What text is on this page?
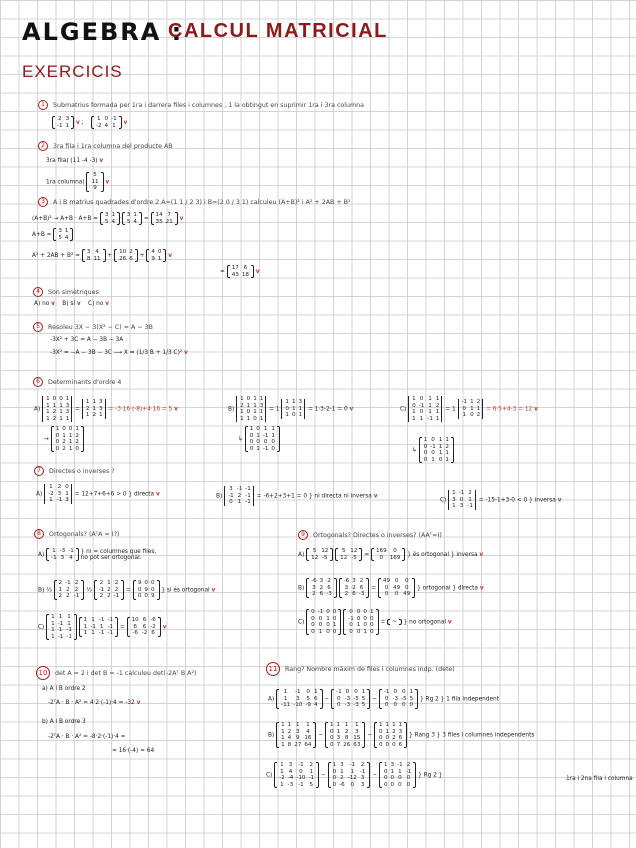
ALGEBRA :
CALCUL MATRICIAL
EXERCICIS
1 Submatrius formada per 1ra i darrera files i columnes , 1 la obtingut en suprimir 1ra i 3ra columna
2 3
-1 1 v ;
1 0 -1
-2 4 1 v
2 3ra fila i 1ra columna del producte AB
3ra fila) (11 -4 -3) v
1ra columna)
5
11
9
v
3 A i B matrius quadrades d'ordre 2 A=(1 1 / 2 3) i B=(2 0 / 3 1) calculeu (A+B)² i A² + 2AB + B²
(A+B)² → A+B · A+B =
3 1
5 4 ·
3 1
5 4 =
14 7
35 21 v
A+B =
3 1
5 4
A² + 2AB + B² =
3 4
8 11 +
10 2
26 6 +
4 0
9 1 v
=
17 6
43 18 v
4 Son simètriques
A) no v B) sí v C) no v
5 Resoleu 3X − 3(X² − C) = A − 3B
-3X² + 3C = A − 3B − 3A
-3X² = −A − 3B − 3C ⟶ X = (1/3 B + 1/3 C)² v
6 Determinants d'ordre 4
A)
1 0 0 1
1 1 1 3
1 2 1 3
1 2 1 1
=
1 1 3
2 1 3
1 2 1
= -3·16·(-8)+4·16 = 5 v
→
1 0 0 1
0 1 1 2
0 2 1 2
0 2 1 0
B)
1 0 1 1
2 1 1 3
1 0 1 1
1 1 0 1
= 1
1 1 3
0 1 1
1 0 1
= 1·3-2-1 = 0 v
↳
1 0 1 1
0 1 -1 1
0 0 0 0
0 1 -1 0
C)
1 0 1 1
0 -1 1 2
1 0 1 1
1 1 -1 1
= 1
-1 1 2
0 1 1
1 0 2
= 6·5+4-3 = 12 v
↳
1 0 1 1
0 -1 1 2
0 0 1 1
0 1 0 1
7 Directes o inverses ?
A)
1 2 0
-2 3 1
1 -1 3
= 12+7+6+6 > 0 } directa v	B)
3 -1 -1
-1 2 -1
0 1 -1
= -6+2+3+1 = 0 } ni directa ni inversa v
C)
1 -1 2
3 0 1
1 3 -1
= -15-1+3-0 < 0 } inversa v
8 Ortogonals? (AᵀA = I?)
A)
1 -3 -1
-1 3 4
} ni = columnes que files, no pot ser ortogonal.
B) ⅓
2 -1 2
1 2 2
2 2 -1
⅓
2 1 2
-1 2 2
2 2 -1
=
9 0 0
0 9 0
0 0 9
} sí és ortogonal v
C)
1 1 1
1 -1 1
1 1 -1
1 -1 -1

1 1 -1 -1
1 -1 1 -1
1 1 -1 -1
=
10 6 -6
6	6 -2
-6 -2 6
v
9 Ortogonals? Directes o inverses? (AAᵀ=I)
A)
5 12
12 -5

5 12
12 -5 =
169	0
0	169 } és ortogonal } inversa v
B)
-6 3 2
3 2 6
2 6 -3

-6 3 2
3 2 6
2 6 -3
=
49 0	0
0 49 0
0	0 49
} ortogonal } directa v
C)
0 -1 0 0
0 0 1 0
0 0 0 1
0 1 0 0

0 0 0 1
-1 0 0 0
0 1 0 0
0 0 1 0
= ~ } no ortogonal v
10 det A = 2 i det B = -1 calculeu det(-2Aᵀ B A²)
a) A i B ordre 2
-2ᵀA · B · A² = 4·2·(-1)·4 = -32 v
b) A i B ordre 3
-2ᵀA · B · A² = -8·2·(-1)·4 =
= 16·(-4) = 64
11 Rang? Nombre màxim de files i columnes indp. (dete)
A)
1	-1	0 1
1	3	5 6
-11 -10 -9 4
∼
-1 0 0 1
0 -3 -5 5
0 -3 -3 5
∼
-1 0 0 1
0 -3 -5 5
0 0 0 0
} Rg 2 } 1 fila independent
B)
1 1 1	1
1 2 3	4
1 4 9 16
1 8 27 64
∼
1 1 1	1
0 1 2	3
0 3 8 15
0 7 26 63
∼
1 1 1 1
0 1 2 3
0 0 2 6
0 0 0 6
} Rang 3 } 3 files i columnes independents
C)
1 3	-1	2
1 4	0	1
-2 -4 -10 -1
1 -3 -1	5
∼
1 3	-1	2
0 1	1	-1
0 2 -12 3
0 -6	0	3
∼
1 3 -1 2
0 1 1 -1
0 0 0 0
0 0 0 0
} Rg 2 }
1ra i 2na fila i columna
